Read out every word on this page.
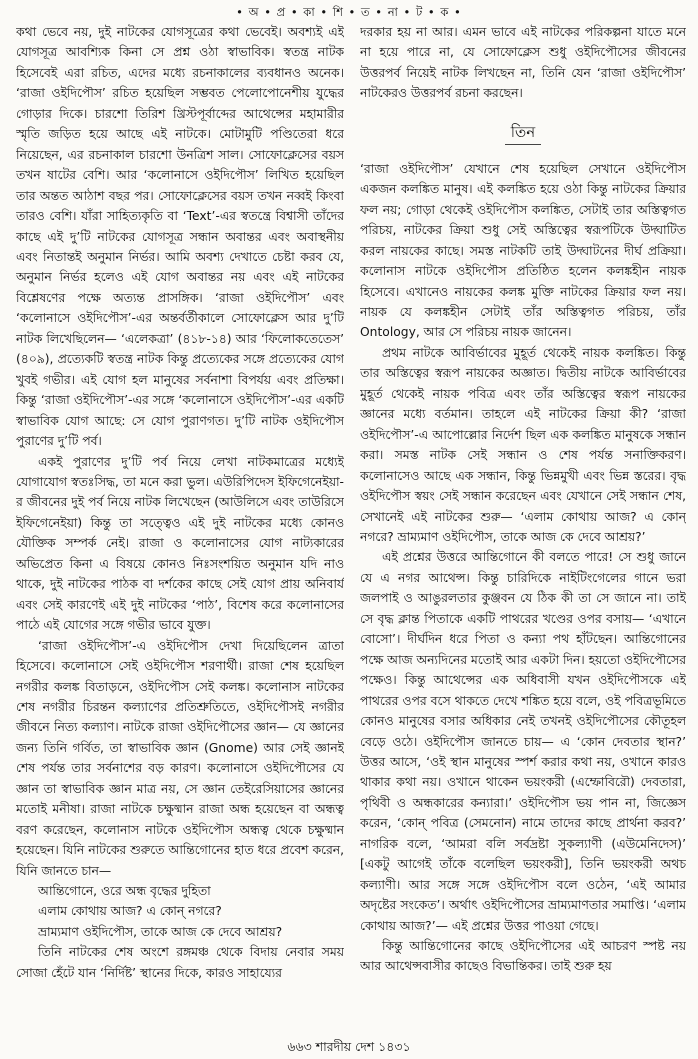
• অ • প্র • কা • শি • ত • না • ট • ক •

কথা ভেবে নয়, দুই নাটকের যোগসূত্রের কথা ভেবেই। অবশ্যই এই যোগসূত্র আবশ্যিক কিনা সে প্রশ্ন ওঠা স্বাভাবিক। স্বতন্ত্র নাটক হিসেবেই এরা রচিত, এদের মধ্যে রচনাকালের ব্যবধানও অনেক। ‘রাজা ওইদিপৌস’ রচিত হয়েছিল সম্ভবত পেলোপোনেশীয় যুদ্ধের গোড়ার দিকে। চারশো তিরিশ খ্রিস্টপূর্বাব্দের আথেন্সের মহামারীর স্মৃতি জড়িত হয়ে আছে এই নাটকে। মোটামুটি পণ্ডিতেরা ধরে নিয়েছেন, এর রচনাকাল চারশো উনত্রিশ সাল। সোফোক্লেসের বয়স তখন ষাটের বেশি। আর ‘কলোনাসে ওইদিপৌস’ লিখিত হয়েছিল তার অন্তত আঠাশ বছর পর। সোফোক্লেসের বয়স তখন নব্বই কিংবা তারও বেশি। যাঁরা সাহিত্যকৃতি বা ‘Text’-এর স্বতন্ত্রে বিশ্বাসী তাঁদের কাছে এই দু’টি নাটকের যোগসূত্র সন্ধান অবান্তর এবং অবাস্থনীয় এবং নিতান্তই অনুমান নির্ভর। আমি অবশ্য দেখাতে চেষ্টা করব যে, অনুমান নির্ভর হলেও এই যোগ অবান্তর নয় এবং এই নাটকের বিশ্লেষণের পক্ষে অত্যন্ত প্রাসঙ্গিক। ‘রাজা ওইদিপৌস’ এবং ‘কলোনাসে ওইদিপৌস’-এর অন্তর্বর্তীকালে সোফোক্লেস আর দু’টি নাটক লিখেছিলেন— ‘এলেকত্রা’ (৪১৮-১৪) আর ‘ফিলোকতেতেস’ (৪০৯), প্রত্যেকটি স্বতন্ত্র নাটক কিন্তু প্রত্যেকের সঙ্গে প্রত্যেকের যোগ খুবই গভীর। এই যোগ হল মানুষের সর্বনাশা বিপর্যয় এবং প্রতিক্ষা। কিন্তু ‘রাজা ওইদিপৌস’-এর সঙ্গে ‘কলোনাসে ওইদিপৌস’-এর একটি স্বাভাবিক যোগ আছে: সে যোগ পুরাণগত। দু’টি নাটক ওইদিপৌস পুরাণের দু’টি পর্ব।

একই পুরাণের দু’টি পর্ব নিয়ে লেখা নাটকমাত্রের মধ্যেই যোগাযোগ স্বতঃসিদ্ধ, তা মনে করা ভুল। এউরিপিদেস ইফিগেনেইয়া-র জীবনের দুই পর্ব নিয়ে নাটক লিখেছেন (আউলিসে এবং তাউরিসে ইফিগেনেইয়া) কিন্তু তা সত্ত্বেও এই দুই নাটকের মধ্যে কোনও যৌক্তিক সম্পর্ক নেই। রাজা ও কলোনাসের যোগ নাট্যকারের অভিপ্রেত কিনা এ বিষয়ে কোনও নিঃসংশয়িত অনুমান যদি নাও থাকে, দুই নাটকের পাঠক বা দর্শকের কাছে সেই যোগ প্রায় অনিবার্য এবং সেই কারণেই এই দুই নাটকের ‘পাঠ’, বিশেষ করে কলোনাসের পাঠে এই যোগের সঙ্গে গভীর ভাবে যুক্ত।

‘রাজা ওইদিপৌস’-এ ওইদিপৌস দেখা দিয়েছিলেন ত্রাতা হিসেবে। কলোনাসে সেই ওইদিপৌস শরণার্থী। রাজা শেষ হয়েছিল নগরীর কলঙ্ক বিতাড়নে, ওইদিপৌস সেই কলঙ্ক। কলোনাস নাটকের শেষ নগরীর চিরন্তন কল্যাণের প্রতিশ্রুতিতে, ওইদিপৌসই নগরীর জীবনে নিত্য কল্যাণ। নাটকে রাজা ওইদিপৌসের জ্ঞান— যে জ্ঞানের জন্য তিনি গর্বিত, তা স্বাভাবিক জ্ঞান (Gnome) আর সেই জ্ঞানই শেষ পর্যন্ত তার সর্বনাশের বড় কারণ। কলোনাসে ওইদিপৌসের যে জ্ঞান তা স্বাভাবিক জ্ঞান মাত্র নয়, সে জ্ঞান তেইরেসিয়াসের জ্ঞানের মতোই মনীষা। রাজা নাটকে চক্ষুষ্মান রাজা অন্ধ হয়েছেন বা অন্ধত্ব বরণ করেছেন, কলোনাস নাটকে ওইদিপৌস অন্ধত্ব থেকে চক্ষুষ্মান হয়েছেন। যিনি নাটকের শুরুতে আন্তিগোনের হাত ধরে প্রবেশ করেন, যিনি জানতে চান—

আন্তিগোনে, ওরে অন্ধ বৃদ্ধের দুহিতা

এলাম কোথায় আজ? এ কোন্ নগরে?

ভ্রাম্যমাণ ওইদিপৌস, তাকে আজ কে দেবে আশ্রয়?

তিনি নাটকের শেষ অংশে রঙ্গমঞ্চ থেকে বিদায় নেবার সময় সোজা হেঁটে যান ‘নির্দিষ্ট’ স্থানের দিকে, কারও সাহায্যের

দরকার হয় না আর। এমন ভাবে এই নাটকের পরিকল্পনা যাতে মনে না হয়ে পারে না, যে সোফোক্লেস শুধু ওইদিপৌসের জীবনের উত্তরপর্ব নিয়েই নাটক লিখছেন না, তিনি যেন ‘রাজা ওইদিপৌস’ নাটকেরও উত্তরপর্ব রচনা করছেন।

তিন

‘রাজা ওইদিপৌস’ যেখানে শেষ হয়েছিল সেখানে ওইদিপৌস একজন কলঙ্কিত মানুষ। এই কলঙ্কিত হয়ে ওঠা কিন্তু নাটকের ক্রিয়ার ফল নয়; গোড়া থেকেই ওইদিপৌস কলঙ্কিত, সেটাই তার অস্তিত্বগত পরিচয়, নাটকের ক্রিয়া শুধু সেই অস্তিত্বের স্বরূপটিকে উদ্ঘাটিত করল নায়কের কাছে। সমস্ত নাটকটি তাই উদ্ঘাটনের দীর্ঘ প্রক্রিয়া। কলোনাস নাটকে ওইদিপৌস প্রতিষ্ঠিত হলেন কলঙ্কহীন নায়ক হিসেবে। এখানেও নায়কের কলঙ্ক মুক্তি নাটকের ক্রিয়ার ফল নয়। নায়ক যে কলঙ্কহীন সেটাই তাঁর অস্তিত্বগত পরিচয়, তাঁর Ontology, আর সে পরিচয় নায়ক জানেন।

প্রথম নাটকে আবির্ভাবের মুহূর্ত থেকেই নায়ক কলঙ্কিত। কিন্তু তার অস্তিত্বের স্বরূপ নায়কের অজ্ঞাত। দ্বিতীয় নাটকে আবির্ভাবের মুহূর্ত থেকেই নায়ক পবিত্র এবং তাঁর অস্তিত্বের স্বরূপ নায়কের জ্ঞানের মধ্যে বর্তমান। তাহলে এই নাটকের ক্রিয়া কী? ‘রাজা ওইদিপৌস’-এ আপোল্লোর নির্দেশ ছিল এক কলঙ্কিত মানুষকে সন্ধান করা। সমস্ত নাটক সেই সন্ধান ও শেষ পর্যন্ত সনাক্তিকরণ। কলোনাসেও আছে এক সন্ধান, কিন্তু ভিন্নমুখী এবং ভিন্ন স্তরের। বৃদ্ধ ওইদিপৌস স্বয়ং সেই সন্ধান করেছেন এবং যেখানে সেই সন্ধান শেষ, সেখানেই এই নাটকের শুরু— ‘এলাম কোথায় আজ? এ কোন্ নগরে? ভ্রাম্যমাণ ওইদিপৌস, তাকে আজ কে দেবে আশ্রয়?’

এই প্রশ্নের উত্তরে আন্তিগোনে কী বলতে পারে! সে শুধু জানে যে এ নগর আথেন্স। কিন্তু চারিদিকে নাইটিংগেলের গানে ভরা জলপাই ও আঙুরলতার কুঞ্জবন যে ঠিক কী তা সে জানে না। তাই সে বৃদ্ধ ক্লান্ত পিতাকে একটি পাথরের খণ্ডের ওপর বসায়— ‘এখানে বোসো’। দীর্ঘদিন ধরে পিতা ও কন্যা পথ হাঁটছেন। আন্তিগোনের পক্ষে আজ অন্যদিনের মতোই আর একটা দিন। হয়তো ওইদিপৌসের পক্ষেও। কিন্তু আথেন্সের এক অধিবাসী যখন ওইদিপৌসকে এই পাথরের ওপর বসে থাকতে দেখে শঙ্কিত হয়ে বলে, ওই পবিত্রভূমিতে কোনও মানুষের বসার অধিকার নেই তখনই ওইদিপৌসের কৌতূহল বেড়ে ওঠে। ওইদিপৌস জানতে চায়— এ ‘কোন দেবতার স্থান?’ উত্তর আসে, ‘ওই স্থান মানুষের স্পর্শ করার কথা নয়, ওখানে কারও থাকার কথা নয়। ওখানে থাকেন ভয়ংকরী (এম্ফোবিরৌ) দেবতারা, পৃথিবী ও অন্ধকারের কন্যারা।’ ওইদিপৌস ভয় পান না, জিজ্ঞেস করেন, ‘কোন্ পবিত্র (সেমনোন) নামে তাদের কাছে প্রার্থনা করব?’ নাগরিক বলে, ‘আমরা বলি সর্বদ্রষ্টা সুকল্যাণী (এউমেনিদেস)’ [একটু আগেই তাঁকে বলেছিল ভয়ংকরী], তিনি ভয়ংকরী অথচ কল্যাণী। আর সঙ্গে সঙ্গে ওইদিপৌস বলে ওঠেন, ‘এই আমার অদৃষ্টের সংকেত’। অর্থাৎ ওইদিপৌসের ভ্রাম্যমাণতার সমাপ্তি। ‘এলাম কোথায় আজ?’— এই প্রশ্নের উত্তর পাওয়া গেছে।

কিন্তু আন্তিগোনের কাছে ওইদিপৌসের এই আচরণ স্পষ্ট নয় আর আথেন্সবাসীর কাছেও বিভান্তিকর। তাই শুরু হয়

৬৬৩ শারদীয় দেশ ১৪৩১
